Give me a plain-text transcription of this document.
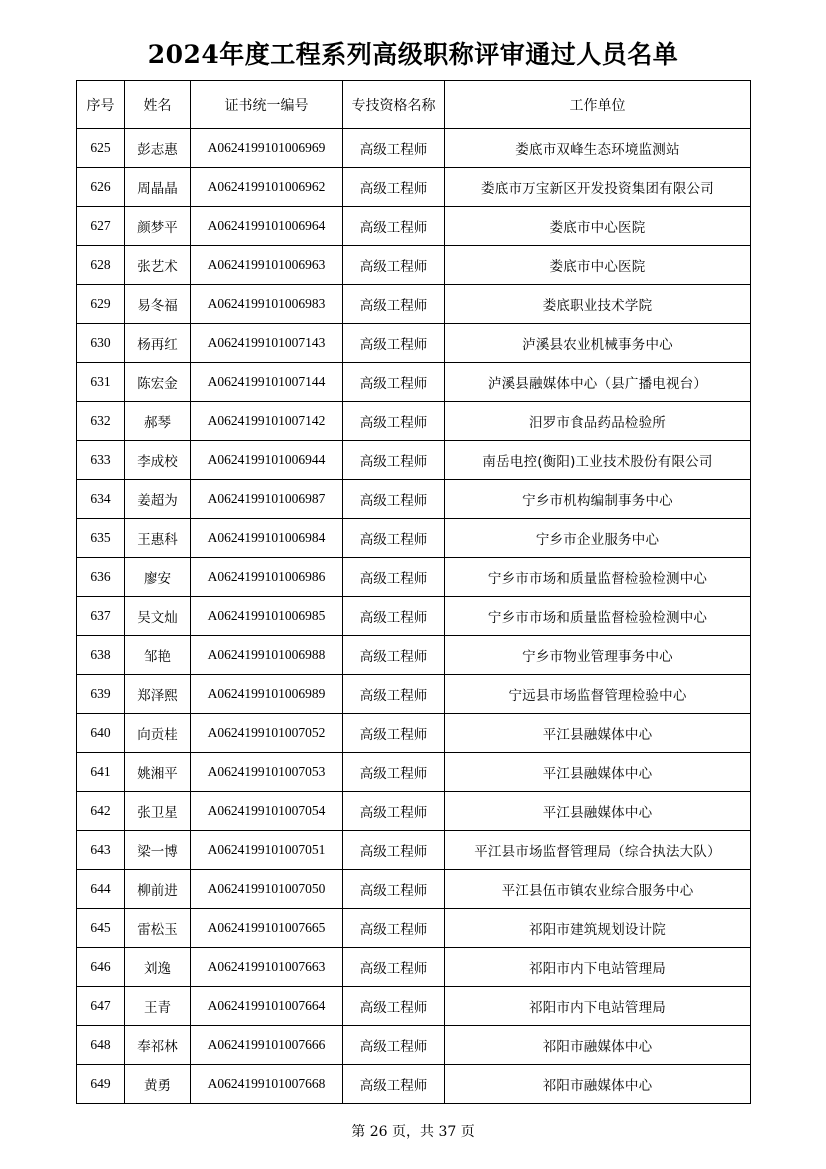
2024年度工程系列高级职称评审通过人员名单
序号	姓名	证书统一编号	专技资格名称	工作单位
625	彭志惠	A0624199101006969	高级工程师	娄底市双峰生态环境监测站
626	周晶晶	A0624199101006962	高级工程师	娄底市万宝新区开发投资集团有限公司
627	颜梦平	A0624199101006964	高级工程师	娄底市中心医院
628	张艺术	A0624199101006963	高级工程师	娄底市中心医院
629	易冬福	A0624199101006983	高级工程师	娄底职业技术学院
630	杨再红	A0624199101007143	高级工程师	泸溪县农业机械事务中心
631	陈宏金	A0624199101007144	高级工程师	泸溪县融媒体中心（县广播电视台）
632	郝琴	A0624199101007142	高级工程师	汨罗市食品药品检验所
633	李成校	A0624199101006944	高级工程师	南岳电控(衡阳)工业技术股份有限公司
634	姜超为	A0624199101006987	高级工程师	宁乡市机构编制事务中心
635	王惠科	A0624199101006984	高级工程师	宁乡市企业服务中心
636	廖安	A0624199101006986	高级工程师	宁乡市市场和质量监督检验检测中心
637	吴文灿	A0624199101006985	高级工程师	宁乡市市场和质量监督检验检测中心
638	邹艳	A0624199101006988	高级工程师	宁乡市物业管理事务中心
639	郑泽熙	A0624199101006989	高级工程师	宁远县市场监督管理检验中心
640	向贡桂	A0624199101007052	高级工程师	平江县融媒体中心
641	姚湘平	A0624199101007053	高级工程师	平江县融媒体中心
642	张卫星	A0624199101007054	高级工程师	平江县融媒体中心
643	梁一博	A0624199101007051	高级工程师	平江县市场监督管理局（综合执法大队）
644	柳前进	A0624199101007050	高级工程师	平江县伍市镇农业综合服务中心
645	雷松玉	A0624199101007665	高级工程师	祁阳市建筑规划设计院
646	刘逸	A0624199101007663	高级工程师	祁阳市内下电站管理局
647	王青	A0624199101007664	高级工程师	祁阳市内下电站管理局
648	奉祁林	A0624199101007666	高级工程师	祁阳市融媒体中心
649	黄勇	A0624199101007668	高级工程师	祁阳市融媒体中心
第 26 页，共 37 页
